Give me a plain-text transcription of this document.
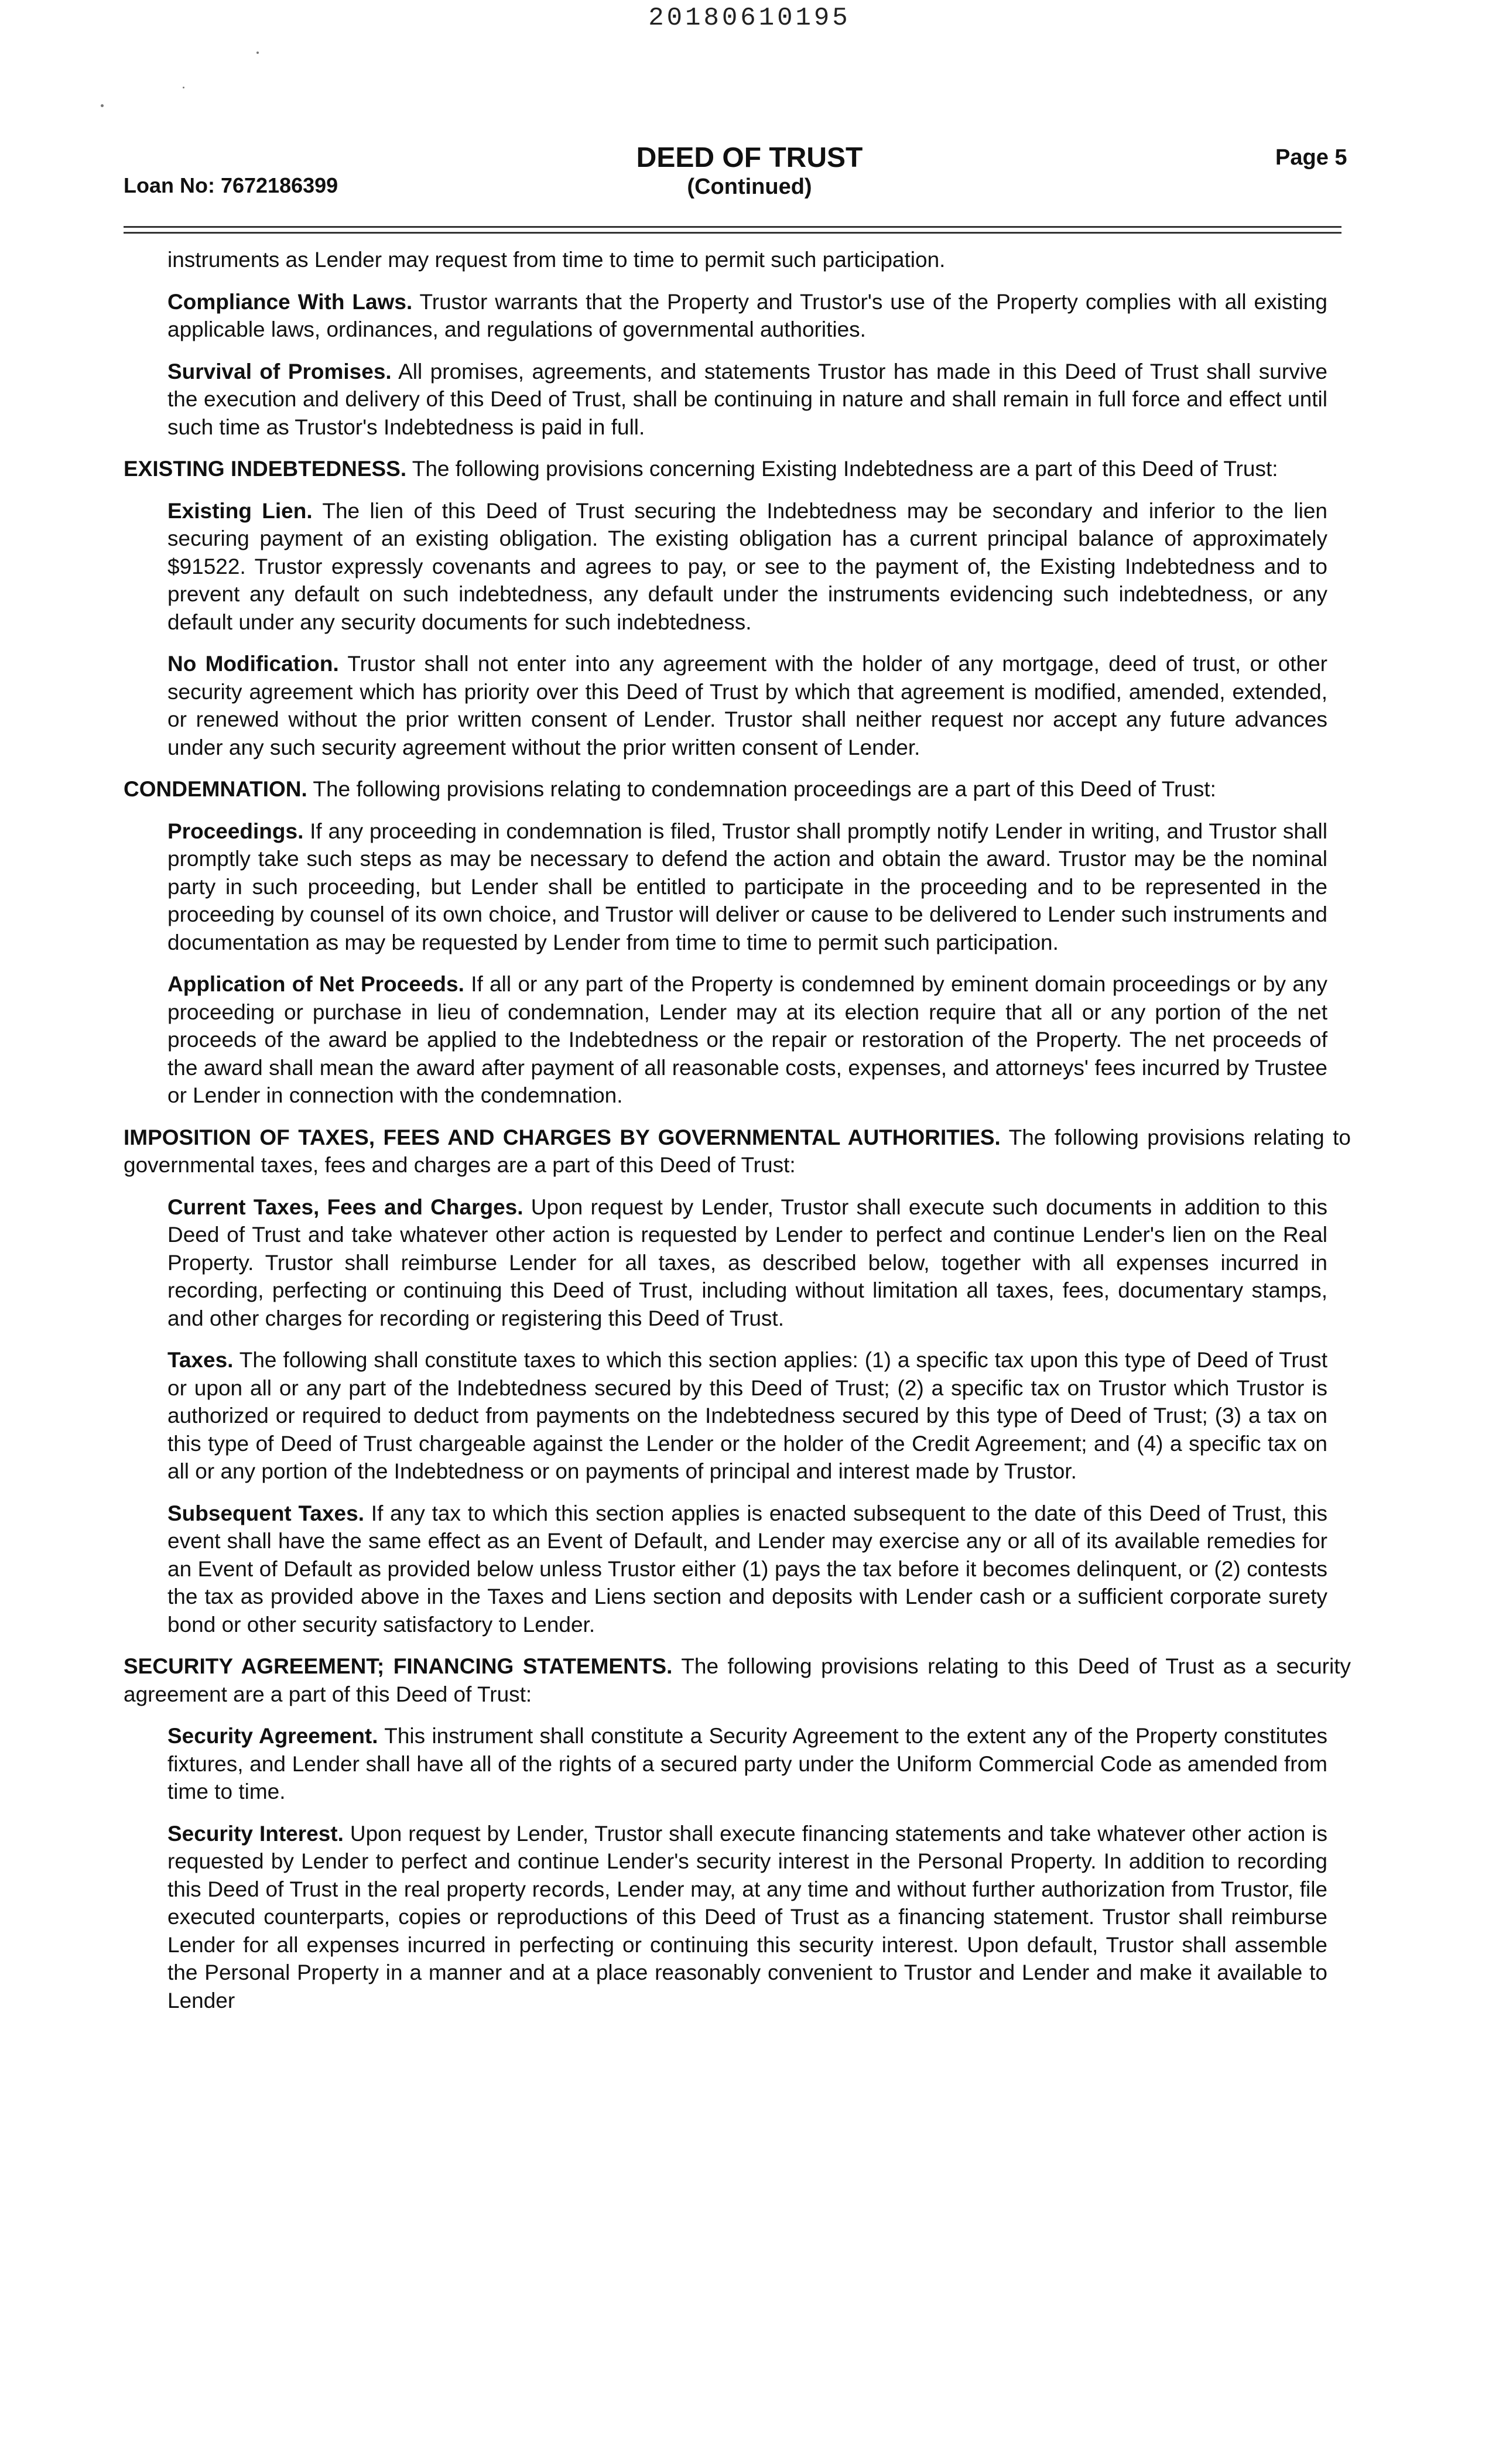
20180610195
Loan No: 7672186399
DEED OF TRUST
(Continued)
Page 5

instruments as Lender may request from time to time to permit such participation.

Compliance With Laws. Trustor warrants that the Property and Trustor's use of the Property complies with all existing applicable laws, ordinances, and regulations of governmental authorities.

Survival of Promises. All promises, agreements, and statements Trustor has made in this Deed of Trust shall survive the execution and delivery of this Deed of Trust, shall be continuing in nature and shall remain in full force and effect until such time as Trustor's Indebtedness is paid in full.

EXISTING INDEBTEDNESS. The following provisions concerning Existing Indebtedness are a part of this Deed of Trust:

Existing Lien. The lien of this Deed of Trust securing the Indebtedness may be secondary and inferior to the lien securing payment of an existing obligation. The existing obligation has a current principal balance of approximately $91522. Trustor expressly covenants and agrees to pay, or see to the payment of, the Existing Indebtedness and to prevent any default on such indebtedness, any default under the instruments evidencing such indebtedness, or any default under any security documents for such indebtedness.

No Modification. Trustor shall not enter into any agreement with the holder of any mortgage, deed of trust, or other security agreement which has priority over this Deed of Trust by which that agreement is modified, amended, extended, or renewed without the prior written consent of Lender. Trustor shall neither request nor accept any future advances under any such security agreement without the prior written consent of Lender.

CONDEMNATION. The following provisions relating to condemnation proceedings are a part of this Deed of Trust:

Proceedings. If any proceeding in condemnation is filed, Trustor shall promptly notify Lender in writing, and Trustor shall promptly take such steps as may be necessary to defend the action and obtain the award. Trustor may be the nominal party in such proceeding, but Lender shall be entitled to participate in the proceeding and to be represented in the proceeding by counsel of its own choice, and Trustor will deliver or cause to be delivered to Lender such instruments and documentation as may be requested by Lender from time to time to permit such participation.

Application of Net Proceeds. If all or any part of the Property is condemned by eminent domain proceedings or by any proceeding or purchase in lieu of condemnation, Lender may at its election require that all or any portion of the net proceeds of the award be applied to the Indebtedness or the repair or restoration of the Property. The net proceeds of the award shall mean the award after payment of all reasonable costs, expenses, and attorneys' fees incurred by Trustee or Lender in connection with the condemnation.

IMPOSITION OF TAXES, FEES AND CHARGES BY GOVERNMENTAL AUTHORITIES. The following provisions relating to governmental taxes, fees and charges are a part of this Deed of Trust:

Current Taxes, Fees and Charges. Upon request by Lender, Trustor shall execute such documents in addition to this Deed of Trust and take whatever other action is requested by Lender to perfect and continue Lender's lien on the Real Property. Trustor shall reimburse Lender for all taxes, as described below, together with all expenses incurred in recording, perfecting or continuing this Deed of Trust, including without limitation all taxes, fees, documentary stamps, and other charges for recording or registering this Deed of Trust.

Taxes. The following shall constitute taxes to which this section applies: (1) a specific tax upon this type of Deed of Trust or upon all or any part of the Indebtedness secured by this Deed of Trust; (2) a specific tax on Trustor which Trustor is authorized or required to deduct from payments on the Indebtedness secured by this type of Deed of Trust; (3) a tax on this type of Deed of Trust chargeable against the Lender or the holder of the Credit Agreement; and (4) a specific tax on all or any portion of the Indebtedness or on payments of principal and interest made by Trustor.

Subsequent Taxes. If any tax to which this section applies is enacted subsequent to the date of this Deed of Trust, this event shall have the same effect as an Event of Default, and Lender may exercise any or all of its available remedies for an Event of Default as provided below unless Trustor either (1) pays the tax before it becomes delinquent, or (2) contests the tax as provided above in the Taxes and Liens section and deposits with Lender cash or a sufficient corporate surety bond or other security satisfactory to Lender.

SECURITY AGREEMENT; FINANCING STATEMENTS. The following provisions relating to this Deed of Trust as a security agreement are a part of this Deed of Trust:

Security Agreement. This instrument shall constitute a Security Agreement to the extent any of the Property constitutes fixtures, and Lender shall have all of the rights of a secured party under the Uniform Commercial Code as amended from time to time.

Security Interest. Upon request by Lender, Trustor shall execute financing statements and take whatever other action is requested by Lender to perfect and continue Lender's security interest in the Personal Property. In addition to recording this Deed of Trust in the real property records, Lender may, at any time and without further authorization from Trustor, file executed counterparts, copies or reproductions of this Deed of Trust as a financing statement. Trustor shall reimburse Lender for all expenses incurred in perfecting or continuing this security interest. Upon default, Trustor shall assemble the Personal Property in a manner and at a place reasonably convenient to Trustor and Lender and make it available to Lender
